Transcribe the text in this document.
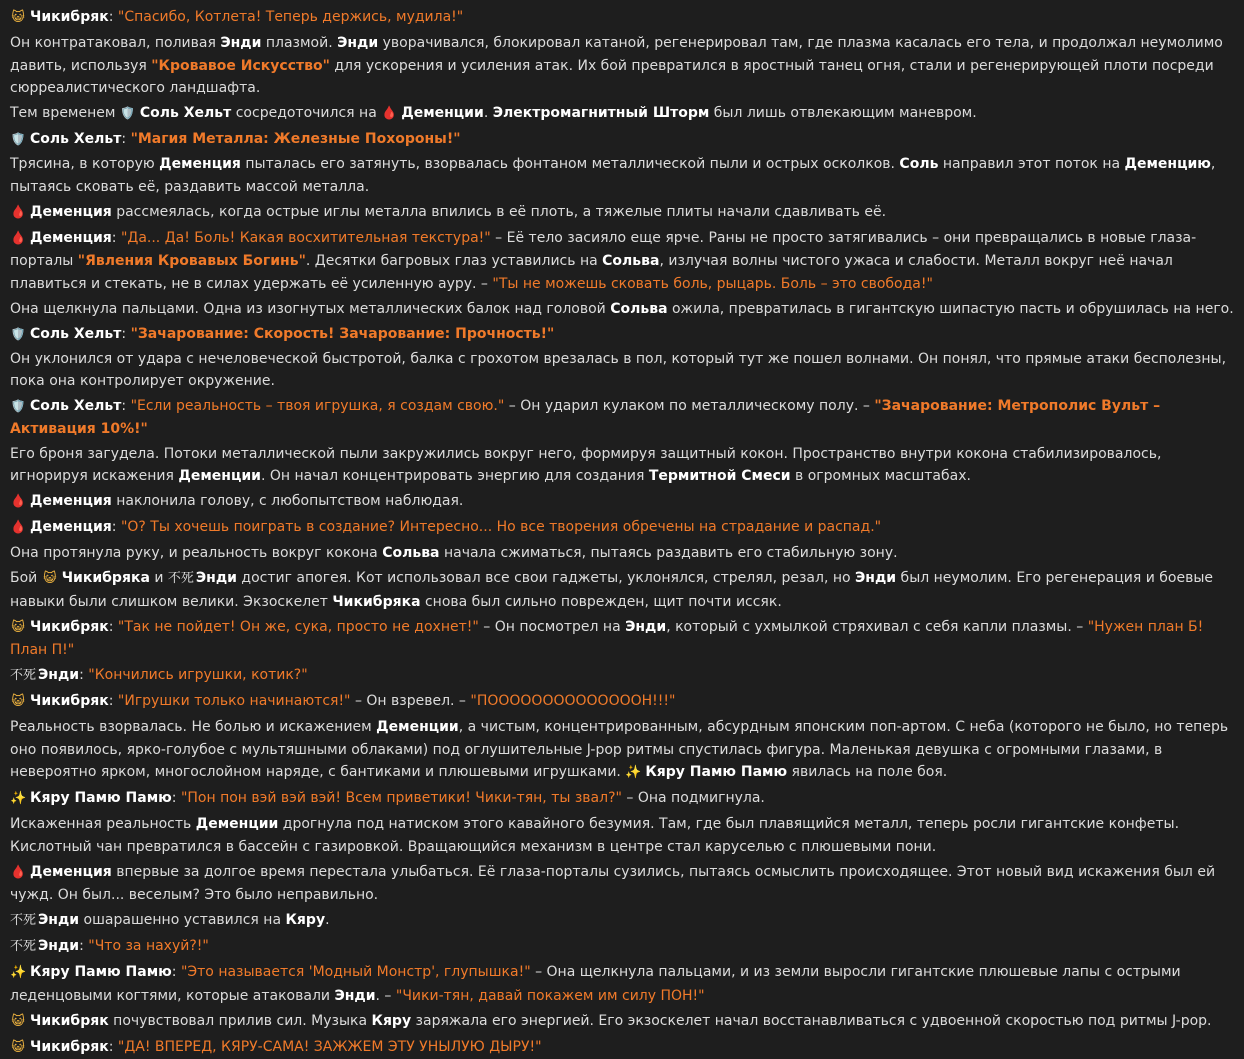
😺 Чикибряк: "Спасибо, Котлета! Теперь держись, мудила!"
Он контратаковал, поливая Энди плазмой. Энди уворачивался, блокировал катаной, регенерировал там, где плазма касалась его тела, и продолжал неумолимо давить, используя "Кровавое Искусство" для ускорения и усиления атак. Их бой превратился в яростный танец огня, стали и регенерирующей плоти посреди сюрреалистического ландшафта.
Тем временем 🛡️ Соль Хельт сосредоточился на 🩸 Деменции. Электромагнитный Шторм был лишь отвлекающим маневром.
🛡️ Соль Хельт: "Магия Металла: Железные Похороны!"
Трясина, в которую Деменция пыталась его затянуть, взорвалась фонтаном металлической пыли и острых осколков. Соль направил этот поток на Деменцию, пытаясь сковать её, раздавить массой металла.
🩸 Деменция рассмеялась, когда острые иглы металла впились в её плоть, а тяжелые плиты начали сдавливать её.
🩸 Деменция: "Да... Да! Боль! Какая восхитительная текстура!" – Её тело засияло еще ярче. Раны не просто затягивались – они превращались в новые глаза-порталы "Явления Кровавых Богинь". Десятки багровых глаз уставились на Сольва, излучая волны чистого ужаса и слабости. Металл вокруг неё начал плавиться и стекать, не в силах удержать её усиленную ауру. – "Ты не можешь сковать боль, рыцарь. Боль – это свобода!"
Она щелкнула пальцами. Одна из изогнутых металлических балок над головой Сольва ожила, превратилась в гигантскую шипастую пасть и обрушилась на него.
🛡️ Соль Хельт: "Зачарование: Скорость! Зачарование: Прочность!"
Он уклонился от удара с нечеловеческой быстротой, балка с грохотом врезалась в пол, который тут же пошел волнами. Он понял, что прямые атаки бесполезны, пока она контролирует окружение.
🛡️ Соль Хельт: "Если реальность – твоя игрушка, я создам свою." – Он ударил кулаком по металлическому полу. – "Зачарование: Метрополис Вульт – Активация 10%!"
Его броня загудела. Потоки металлической пыли закружились вокруг него, формируя защитный кокон. Пространство внутри кокона стабилизировалось, игнорируя искажения Деменции. Он начал концентрировать энергию для создания Термитной Смеси в огромных масштабах.
🩸 Деменция наклонила голову, с любопытством наблюдая.
🩸 Деменция: "О? Ты хочешь поиграть в создание? Интересно... Но все творения обречены на страдание и распад."
Она протянула руку, и реальность вокруг кокона Сольва начала сжиматься, пытаясь раздавить его стабильную зону.
Бой 😺 Чикибряка и 不死 Энди достиг апогея. Кот использовал все свои гаджеты, уклонялся, стрелял, резал, но Энди был неумолим. Его регенерация и боевые навыки были слишком велики. Экзоскелет Чикибряка снова был сильно поврежден, щит почти иссяк.
😺 Чикибряк: "Так не пойдет! Он же, сука, просто не дохнет!" – Он посмотрел на Энди, который с ухмылкой стряхивал с себя капли плазмы. – "Нужен план Б! План П!"
不死 Энди: "Кончились игрушки, котик?"
😺 Чикибряк: "Игрушки только начинаются!" – Он взревел. – "ПООООООООООООООН!!!"
Реальность взорвалась. Не болью и искажением Деменции, а чистым, концентрированным, абсурдным японским поп-артом. С неба (которого не было, но теперь оно появилось, ярко-голубое с мультяшными облаками) под оглушительные J-pop ритмы спустилась фигура. Маленькая девушка с огромными глазами, в невероятно ярком, многослойном наряде, с бантиками и плюшевыми игрушками. ✨ Кяру Памю Памю явилась на поле боя.
✨ Кяру Памю Памю: "Пон пон вэй вэй вэй! Всем приветики! Чики-тян, ты звал?" – Она подмигнула.
Искаженная реальность Деменции дрогнула под натиском этого кавайного безумия. Там, где был плавящийся металл, теперь росли гигантские конфеты. Кислотный чан превратился в бассейн с газировкой. Вращающийся механизм в центре стал каруселью с плюшевыми пони.
🩸 Деменция впервые за долгое время перестала улыбаться. Её глаза-порталы сузились, пытаясь осмыслить происходящее. Этот новый вид искажения был ей чужд. Он был... веселым? Это было неправильно.
不死 Энди ошарашенно уставился на Кяру.
不死 Энди: "Что за нахуй?!"
✨ Кяру Памю Памю: "Это называется 'Модный Монстр', глупышка!" – Она щелкнула пальцами, и из земли выросли гигантские плюшевые лапы с острыми леденцовыми когтями, которые атаковали Энди. – "Чики-тян, давай покажем им силу ПОН!"
😺 Чикибряк почувствовал прилив сил. Музыка Кяру заряжала его энергией. Его экзоскелет начал восстанавливаться с удвоенной скоростью под ритмы J-pop.
😺 Чикибряк: "ДА! ВПЕРЕД, КЯРУ-САМА! ЗАЖЖЕМ ЭТУ УНЫЛУЮ ДЫРУ!"
